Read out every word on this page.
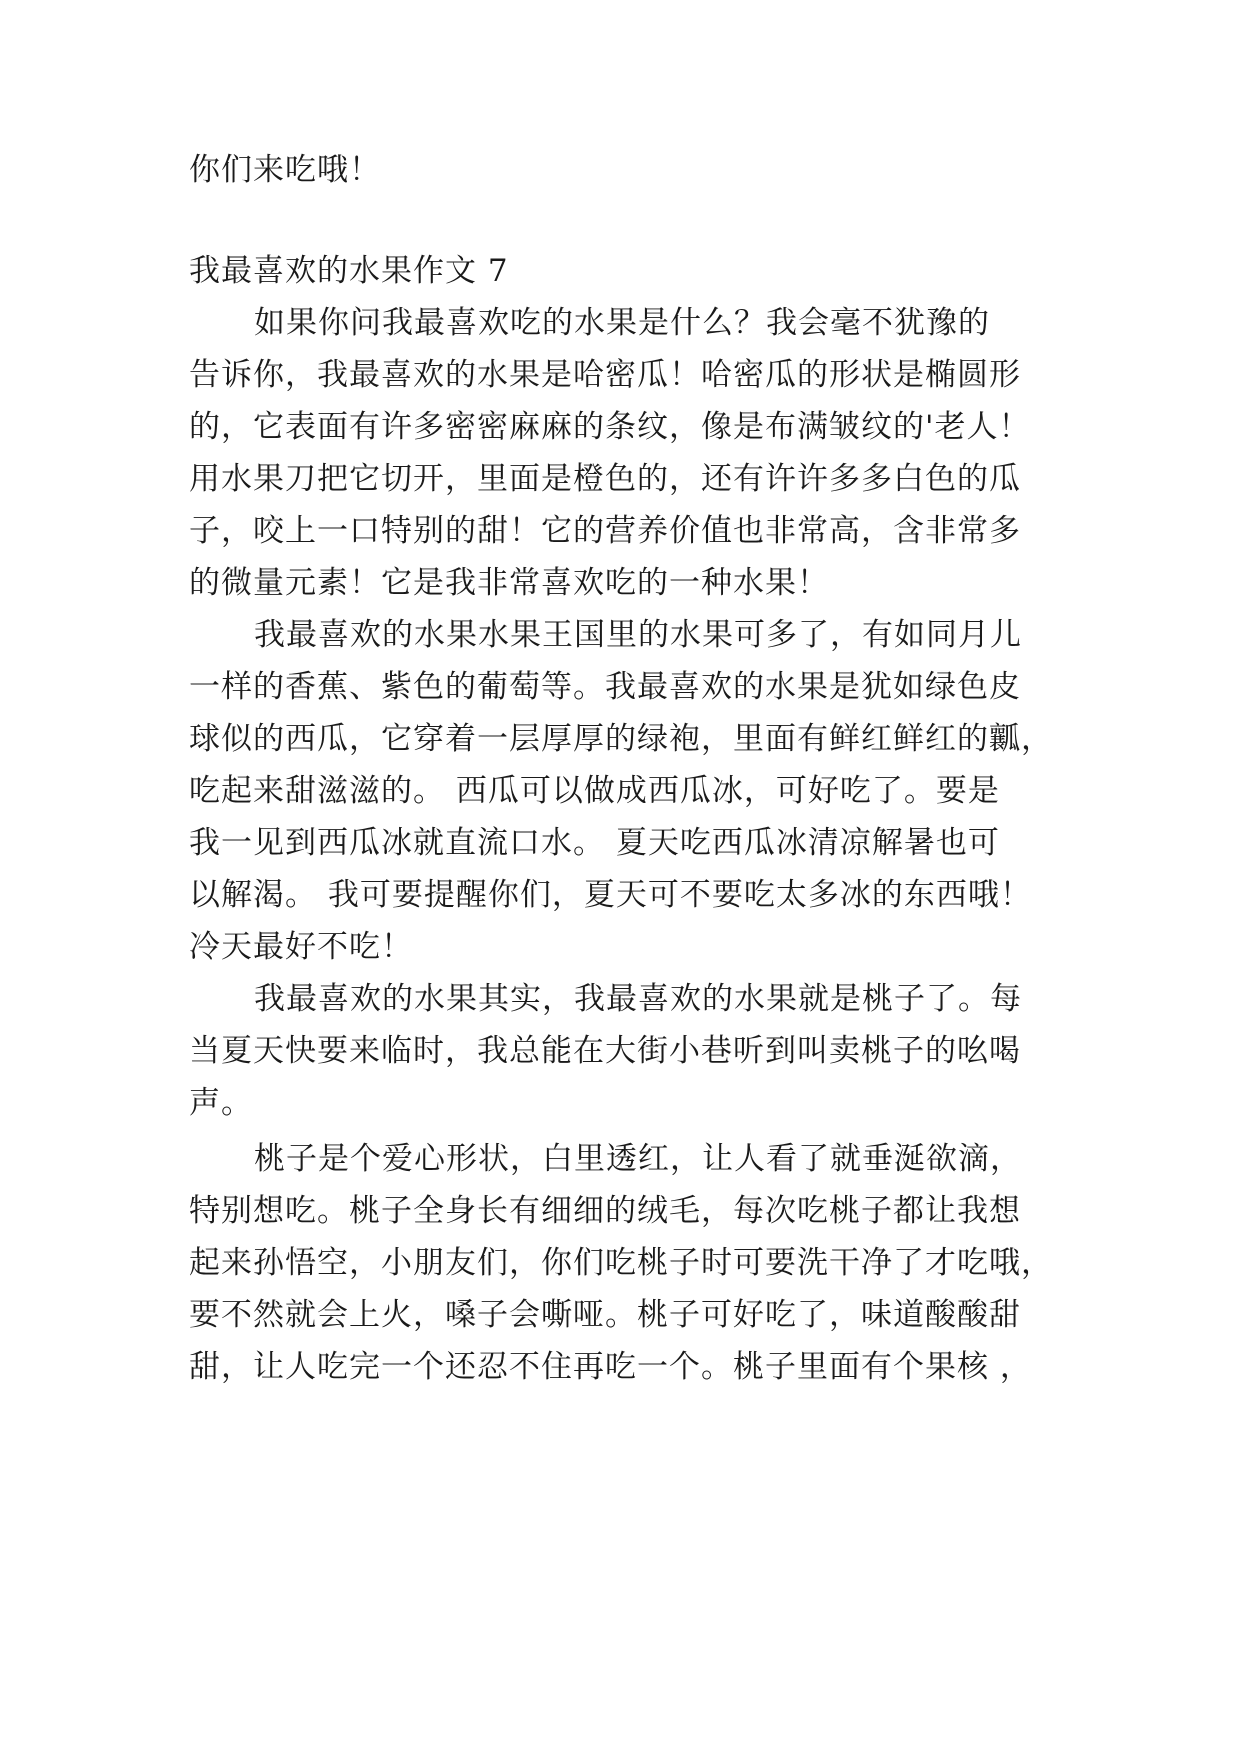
你们来吃哦！
我最喜欢的水果作文 7
如果你问我最喜欢吃的水果是什么？我会毫不犹豫的
告诉你，我最喜欢的水果是哈密瓜！哈密瓜的形状是椭圆形
的，它表面有许多密密麻麻的条纹，像是布满皱纹的'老人！
用水果刀把它切开，里面是橙色的，还有许许多多白色的瓜
子，咬上一口特别的甜！它的营养价值也非常高，含非常多
的微量元素！它是我非常喜欢吃的一种水果！
我最喜欢的水果水果王国里的水果可多了，有如同月儿
一样的香蕉、紫色的葡萄等。我最喜欢的水果是犹如绿色皮
球似的西瓜，它穿着一层厚厚的绿袍，里面有鲜红鲜红的瓤，
吃起来甜滋滋的。 西瓜可以做成西瓜冰，可好吃了。要是
我一见到西瓜冰就直流口水。 夏天吃西瓜冰清凉解暑也可
以解渴。 我可要提醒你们，夏天可不要吃太多冰的东西哦！
冷天最好不吃！
我最喜欢的水果其实，我最喜欢的水果就是桃子了。每
当夏天快要来临时，我总能在大街小巷听到叫卖桃子的吆喝
声。
桃子是个爱心形状，白里透红，让人看了就垂涎欲滴，
特别想吃。桃子全身长有细细的绒毛，每次吃桃子都让我想
起来孙悟空，小朋友们，你们吃桃子时可要洗干净了才吃哦，
要不然就会上火，嗓子会嘶哑。桃子可好吃了，味道酸酸甜
甜，让人吃完一个还忍不住再吃一个。桃子里面有个果核 ，
